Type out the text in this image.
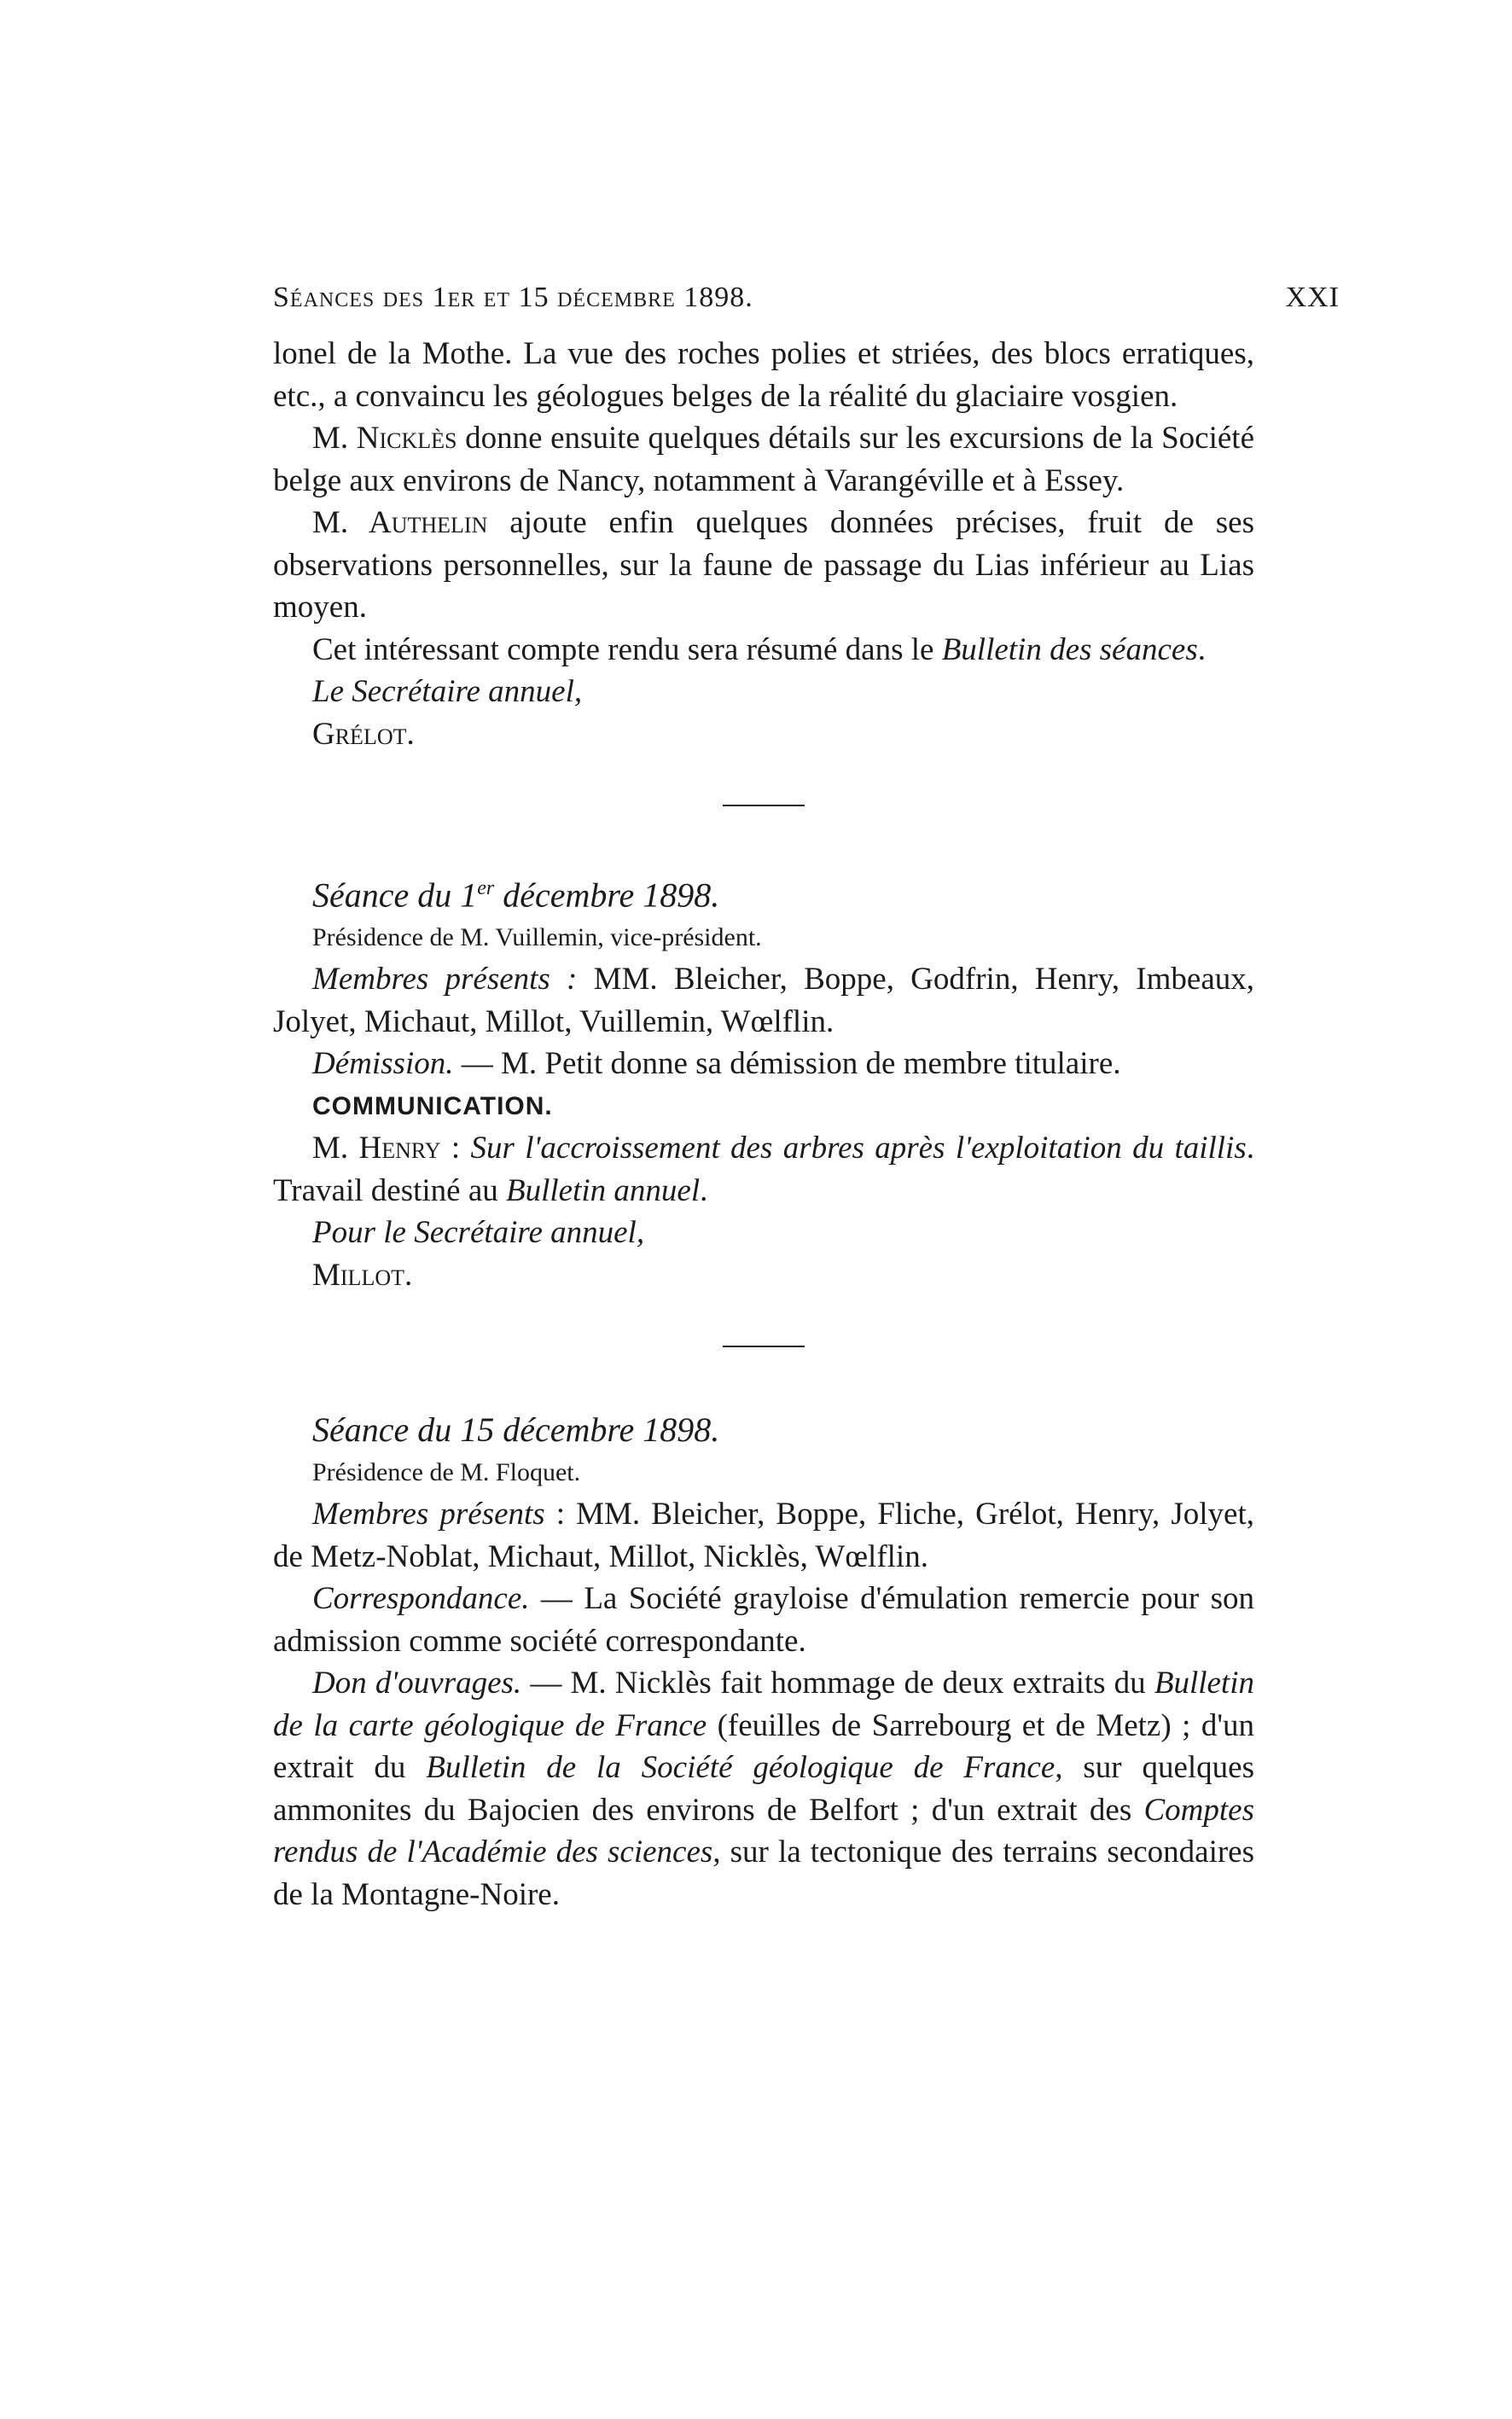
Séances des 1er et 15 décembre 1898.	XXI

lonel de la Mothe. La vue des roches polies et striées, des blocs erratiques, etc., a convaincu les géologues belges de la réalité du glaciaire vosgien.

M. Nicklès donne ensuite quelques détails sur les excursions de la Société belge aux environs de Nancy, notamment à Varangéville et à Essey.

M. Authelin ajoute enfin quelques données précises, fruit de ses observations personnelles, sur la faune de passage du Lias inférieur au Lias moyen.

Cet intéressant compte rendu sera résumé dans le Bulletin des séances.

Le Secrétaire annuel,

Grélot.

Séance du 1er décembre 1898.

Présidence de M. Vuillemin, vice-président.

Membres présents : MM. Bleicher, Boppe, Godfrin, Henry, Imbeaux, Jolyet, Michaut, Millot, Vuillemin, Wœlflin.

Démission. — M. Petit donne sa démission de membre titulaire.

COMMUNICATION.

M. Henry : Sur l'accroissement des arbres après l'exploitation du taillis. Travail destiné au Bulletin annuel.

Pour le Secrétaire annuel,

Millot.

Séance du 15 décembre 1898.

Présidence de M. Floquet.

Membres présents : MM. Bleicher, Boppe, Fliche, Grélot, Henry, Jolyet, de Metz-Noblat, Michaut, Millot, Nicklès, Wœlflin.

Correspondance. — La Société grayloise d'émulation remercie pour son admission comme société correspondante.

Don d'ouvrages. — M. Nicklès fait hommage de deux extraits du Bulletin de la carte géologique de France (feuilles de Sarrebourg et de Metz) ; d'un extrait du Bulletin de la Société géologique de France, sur quelques ammonites du Bajocien des environs de Belfort ; d'un extrait des Comptes rendus de l'Académie des sciences, sur la tectonique des terrains secondaires de la Montagne-Noire.
